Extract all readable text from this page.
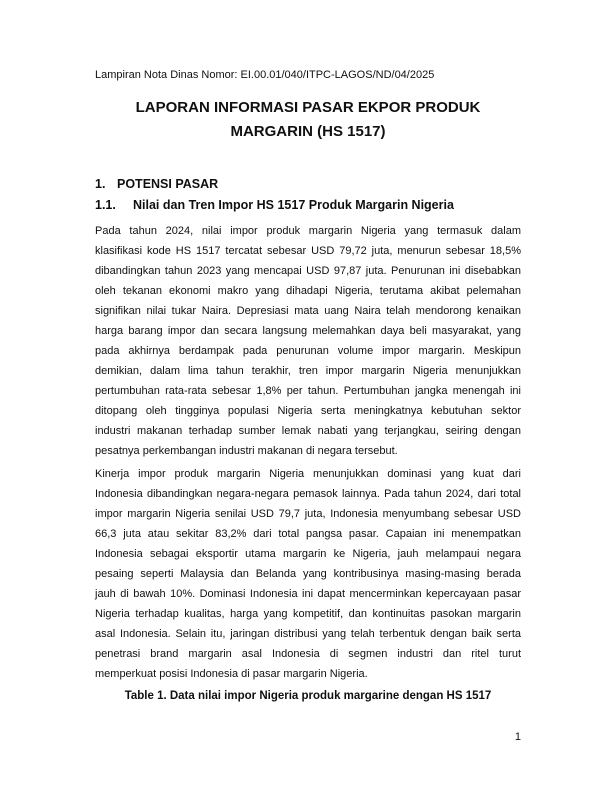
Lampiran Nota Dinas Nomor: EI.00.01/040/ITPC-LAGOS/ND/04/2025
LAPORAN INFORMASI PASAR EKPOR PRODUK
MARGARIN (HS 1517)
1. POTENSI PASAR
1.1. Nilai dan Tren Impor HS 1517 Produk Margarin Nigeria
Pada tahun 2024, nilai impor produk margarin Nigeria yang termasuk dalam
klasifikasi kode HS 1517 tercatat sebesar USD 79,72 juta, menurun sebesar 18,5%
dibandingkan tahun 2023 yang mencapai USD 97,87 juta. Penurunan ini disebabkan
oleh tekanan ekonomi makro yang dihadapi Nigeria, terutama akibat pelemahan
signifikan nilai tukar Naira. Depresiasi mata uang Naira telah mendorong kenaikan
harga barang impor dan secara langsung melemahkan daya beli masyarakat, yang
pada akhirnya berdampak pada penurunan volume impor margarin. Meskipun
demikian, dalam lima tahun terakhir, tren impor margarin Nigeria menunjukkan
pertumbuhan rata-rata sebesar 1,8% per tahun. Pertumbuhan jangka menengah ini
ditopang oleh tingginya populasi Nigeria serta meningkatnya kebutuhan sektor
industri makanan terhadap sumber lemak nabati yang terjangkau, seiring dengan
pesatnya perkembangan industri makanan di negara tersebut.
Kinerja impor produk margarin Nigeria menunjukkan dominasi yang kuat dari
Indonesia dibandingkan negara-negara pemasok lainnya. Pada tahun 2024, dari total
impor margarin Nigeria senilai USD 79,7 juta, Indonesia menyumbang sebesar USD
66,3 juta atau sekitar 83,2% dari total pangsa pasar. Capaian ini menempatkan
Indonesia sebagai eksportir utama margarin ke Nigeria, jauh melampaui negara
pesaing seperti Malaysia dan Belanda yang kontribusinya masing-masing berada
jauh di bawah 10%. Dominasi Indonesia ini dapat mencerminkan kepercayaan pasar
Nigeria terhadap kualitas, harga yang kompetitif, dan kontinuitas pasokan margarin
asal Indonesia. Selain itu, jaringan distribusi yang telah terbentuk dengan baik serta
penetrasi brand margarin asal Indonesia di segmen industri dan ritel turut
memperkuat posisi Indonesia di pasar margarin Nigeria.
Table 1. Data nilai impor Nigeria produk margarine dengan HS 1517
1
